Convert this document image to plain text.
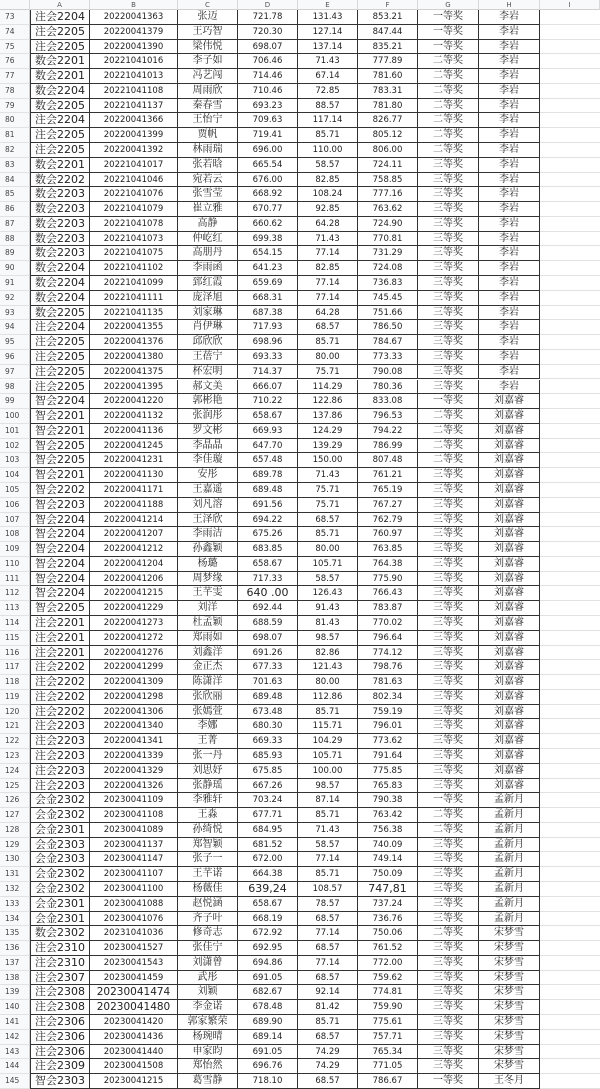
A	B	C	D	E	F	G	H	I
73	注会2204	20220041363	张迈	721.78	131.43	853.21	一等奖	李岩
74	注会2205	20220041379	王巧智	720.30	127.14	847.44	一等奖	李岩
75	注会2205	20220041390	梁伟悦	698.07	137.14	835.21	一等奖	李岩
76	数会2201	20221041016	李子如	706.46	71.43	777.89	二等奖	李岩
77	数会2201	20221041013	冯艺闯	714.46	67.14	781.60	二等奖	李岩
78	数会2204	20221041108	周雨欣	710.46	72.85	783.31	二等奖	李岩
79	数会2205	20221041137	秦春雪	693.23	88.57	781.80	二等奖	李岩
80	注会2204	20220041366	王怡宁	709.63	117.14	826.77	二等奖	李岩
81	注会2205	20220041399	贾帆	719.41	85.71	805.12	二等奖	李岩
82	注会2205	20220041392	林雨瑞	696.00	110.00	806.00	二等奖	李岩
83	数会2201	20221041017	张若晗	665.54	58.57	724.11	三等奖	李岩
84	数会2202	20221041046	宛若云	676.00	82.85	758.85	三等奖	李岩
85	数会2203	20221041076	张雪莹	668.92	108.24	777.16	三等奖	李岩
86	数会2203	20221041079	崔立雅	670.77	92.85	763.62	三等奖	李岩
87	数会2203	20221041078	高静	660.62	64.28	724.90	三等奖	李岩
88	数会2203	20221041073	仲屹红	699.38	71.43	770.81	三等奖	李岩
89	数会2203	20221041075	高朋丹	654.15	77.14	731.29	三等奖	李岩
90	数会2204	20221041102	李雨函	641.23	82.85	724.08	三等奖	李岩
91	数会2204	20221041099	郅红霞	659.69	77.14	736.83	三等奖	李岩
92	数会2204	20221041111	庞泽旭	668.31	77.14	745.45	三等奖	李岩
93	数会2205	20221041135	刘家琳	687.38	64.28	751.66	三等奖	李岩
94	注会2204	20220041355	肖伊琳	717.93	68.57	786.50	三等奖	李岩
95	注会2205	20220041376	邱欣欣	698.96	85.71	784.67	三等奖	李岩
96	注会2205	20220041380	王蓓宁	693.33	80.00	773.33	三等奖	李岩
97	注会2205	20220041375	杯宏明	714.37	75.71	790.08	三等奖	李岩
98	注会2205	20220041395	郝文美	666.07	114.29	780.36	三等奖	李岩
99	智会2204	20220041220	郭彬艳	710.22	122.86	833.08	一等奖	刘嘉睿
100	智会2201	20220041132	张润彤	658.67	137.86	796.53	二等奖	刘嘉睿
101	智会2201	20220041136	罗文彬	669.93	124.29	794.22	二等奖	刘嘉睿
102	智会2205	20220041245	李晶晶	647.70	139.29	786.99	二等奖	刘嘉睿
103	智会2205	20220041231	李佳璇	657.48	150.00	807.48	二等奖	刘嘉睿
104	智会2201	20220041130	安彤	689.78	71.43	761.21	三等奖	刘嘉睿
105	智会2202	20220041171	王嘉遥	689.48	75.71	765.19	三等奖	刘嘉睿
106	智会2203	20220041188	刘凡溶	691.56	75.71	767.27	三等奖	刘嘉睿
107	智会2204	20220041214	王泽欣	694.22	68.57	762.79	三等奖	刘嘉睿
108	智会2204	20220041207	李雨洁	675.26	85.71	760.97	三等奖	刘嘉睿
109	智会2204	20220041212	孙鑫颖	683.85	80.00	763.85	三等奖	刘嘉睿
110	智会2204	20220041204	杨璐	658.67	105.71	764.38	三等奖	刘嘉睿
111	智会2204	20220041206	周梦缘	717.33	58.57	775.90	三等奖	刘嘉睿
112	智会2204	20220041215	王芊雯	640 .00	126.43	766.43	三等奖	刘嘉睿
113	智会2205	20220041229	刘洋	692.44	91.43	783.87	三等奖	刘嘉睿
114	注会2201	20220041273	杜孟颖	688.59	81.43	770.02	三等奖	刘嘉睿
115	注会2201	20220041272	郑雨如	698.07	98.57	796.64	三等奖	刘嘉睿
116	注会2201	20220041276	刘鑫洋	691.26	82.86	774.12	三等奖	刘嘉睿
117	注会2202	20220041299	金正杰	677.33	121.43	798.76	三等奖	刘嘉睿
118	注会2202	20220041309	陈潇洋	701.63	80.00	781.63	三等奖	刘嘉睿
119	注会2202	20220041298	张欣丽	689.48	112.86	802.34	三等奖	刘嘉睿
120	注会2202	20220041306	张嫣萱	673.48	85.71	759.19	三等奖	刘嘉睿
121	注会2203	20220041340	李娜	680.30	115.71	796.01	三等奖	刘嘉睿
122	注会2203	20220041341	王菁	669.33	104.29	773.62	三等奖	刘嘉睿
123	注会2203	20220041339	张一丹	685.93	105.71	791.64	三等奖	刘嘉睿
124	注会2203	20220041329	刘思妤	675.85	100.00	775.85	三等奖	刘嘉睿
125	注会2203	20220041326	张静瑶	667.26	98.57	765.83	三等奖	刘嘉睿
126	会金2302	20230041109	李雅轩	703.24	87.14	790.38	一等奖	孟新月
127	会金2302	20230041108	王淼	677.71	85.71	763.42	二等奖	孟新月
128	会金2301	20230041089	孙绮悦	684.95	71.43	756.38	二等奖	孟新月
129	会金2303	20230041137	郑智颖	681.52	58.57	740.09	三等奖	孟新月
130	会金2303	20230041147	张子一	672.00	77.14	749.14	三等奖	孟新月
131	会金2302	20230041107	王芊诺	664.38	85.71	750.09	三等奖	孟新月
132	会金2302	20230041100	杨薇佳	639,24	108.57	747,81	三等奖	孟新月
133	会金2301	20230041088	赵悦涵	658.67	78.57	737.24	三等奖	孟新月
134	会金2301	20230041076	齐子叶	668.19	68.57	736.76	三等奖	孟新月
135	数会2302	20231041036	修奇志	672.92	77.14	750.06	二等奖	宋梦雪
136	注会2310	20230041527	张佳宁	692.95	68.57	761.52	三等奖	宋梦雪
137	注会2310	20230041543	刘潇曾	694.86	77.14	772.00	三等奖	宋梦雪
138	注会2307	20230041459	武彤	691.05	68.57	759.62	三等奖	宋梦雪
139	注会2308	20230041474	刘颖	682.67	92.14	774.81	三等奖	宋梦雪
140	注会2308	20230041480	李金诺	678.48	81.42	759.90	三等奖	宋梦雪
141	注会2306	20230041420	郭家繁荣	689.90	85.71	775.61	三等奖	宋梦雪
142	注会2306	20230041436	杨琬晴	689.14	68.57	757.71	三等奖	宋梦雪
143	注会2306	20230041440	申家昀	691.05	74.29	765.34	三等奖	宋梦雪
144	注会2309	20230041508	郑怡然	696.76	74.29	771.05	三等奖	宋梦雪
145	智会2303	20230041215	葛雪静	718.10	68.57	786.67	一等奖	王冬月
